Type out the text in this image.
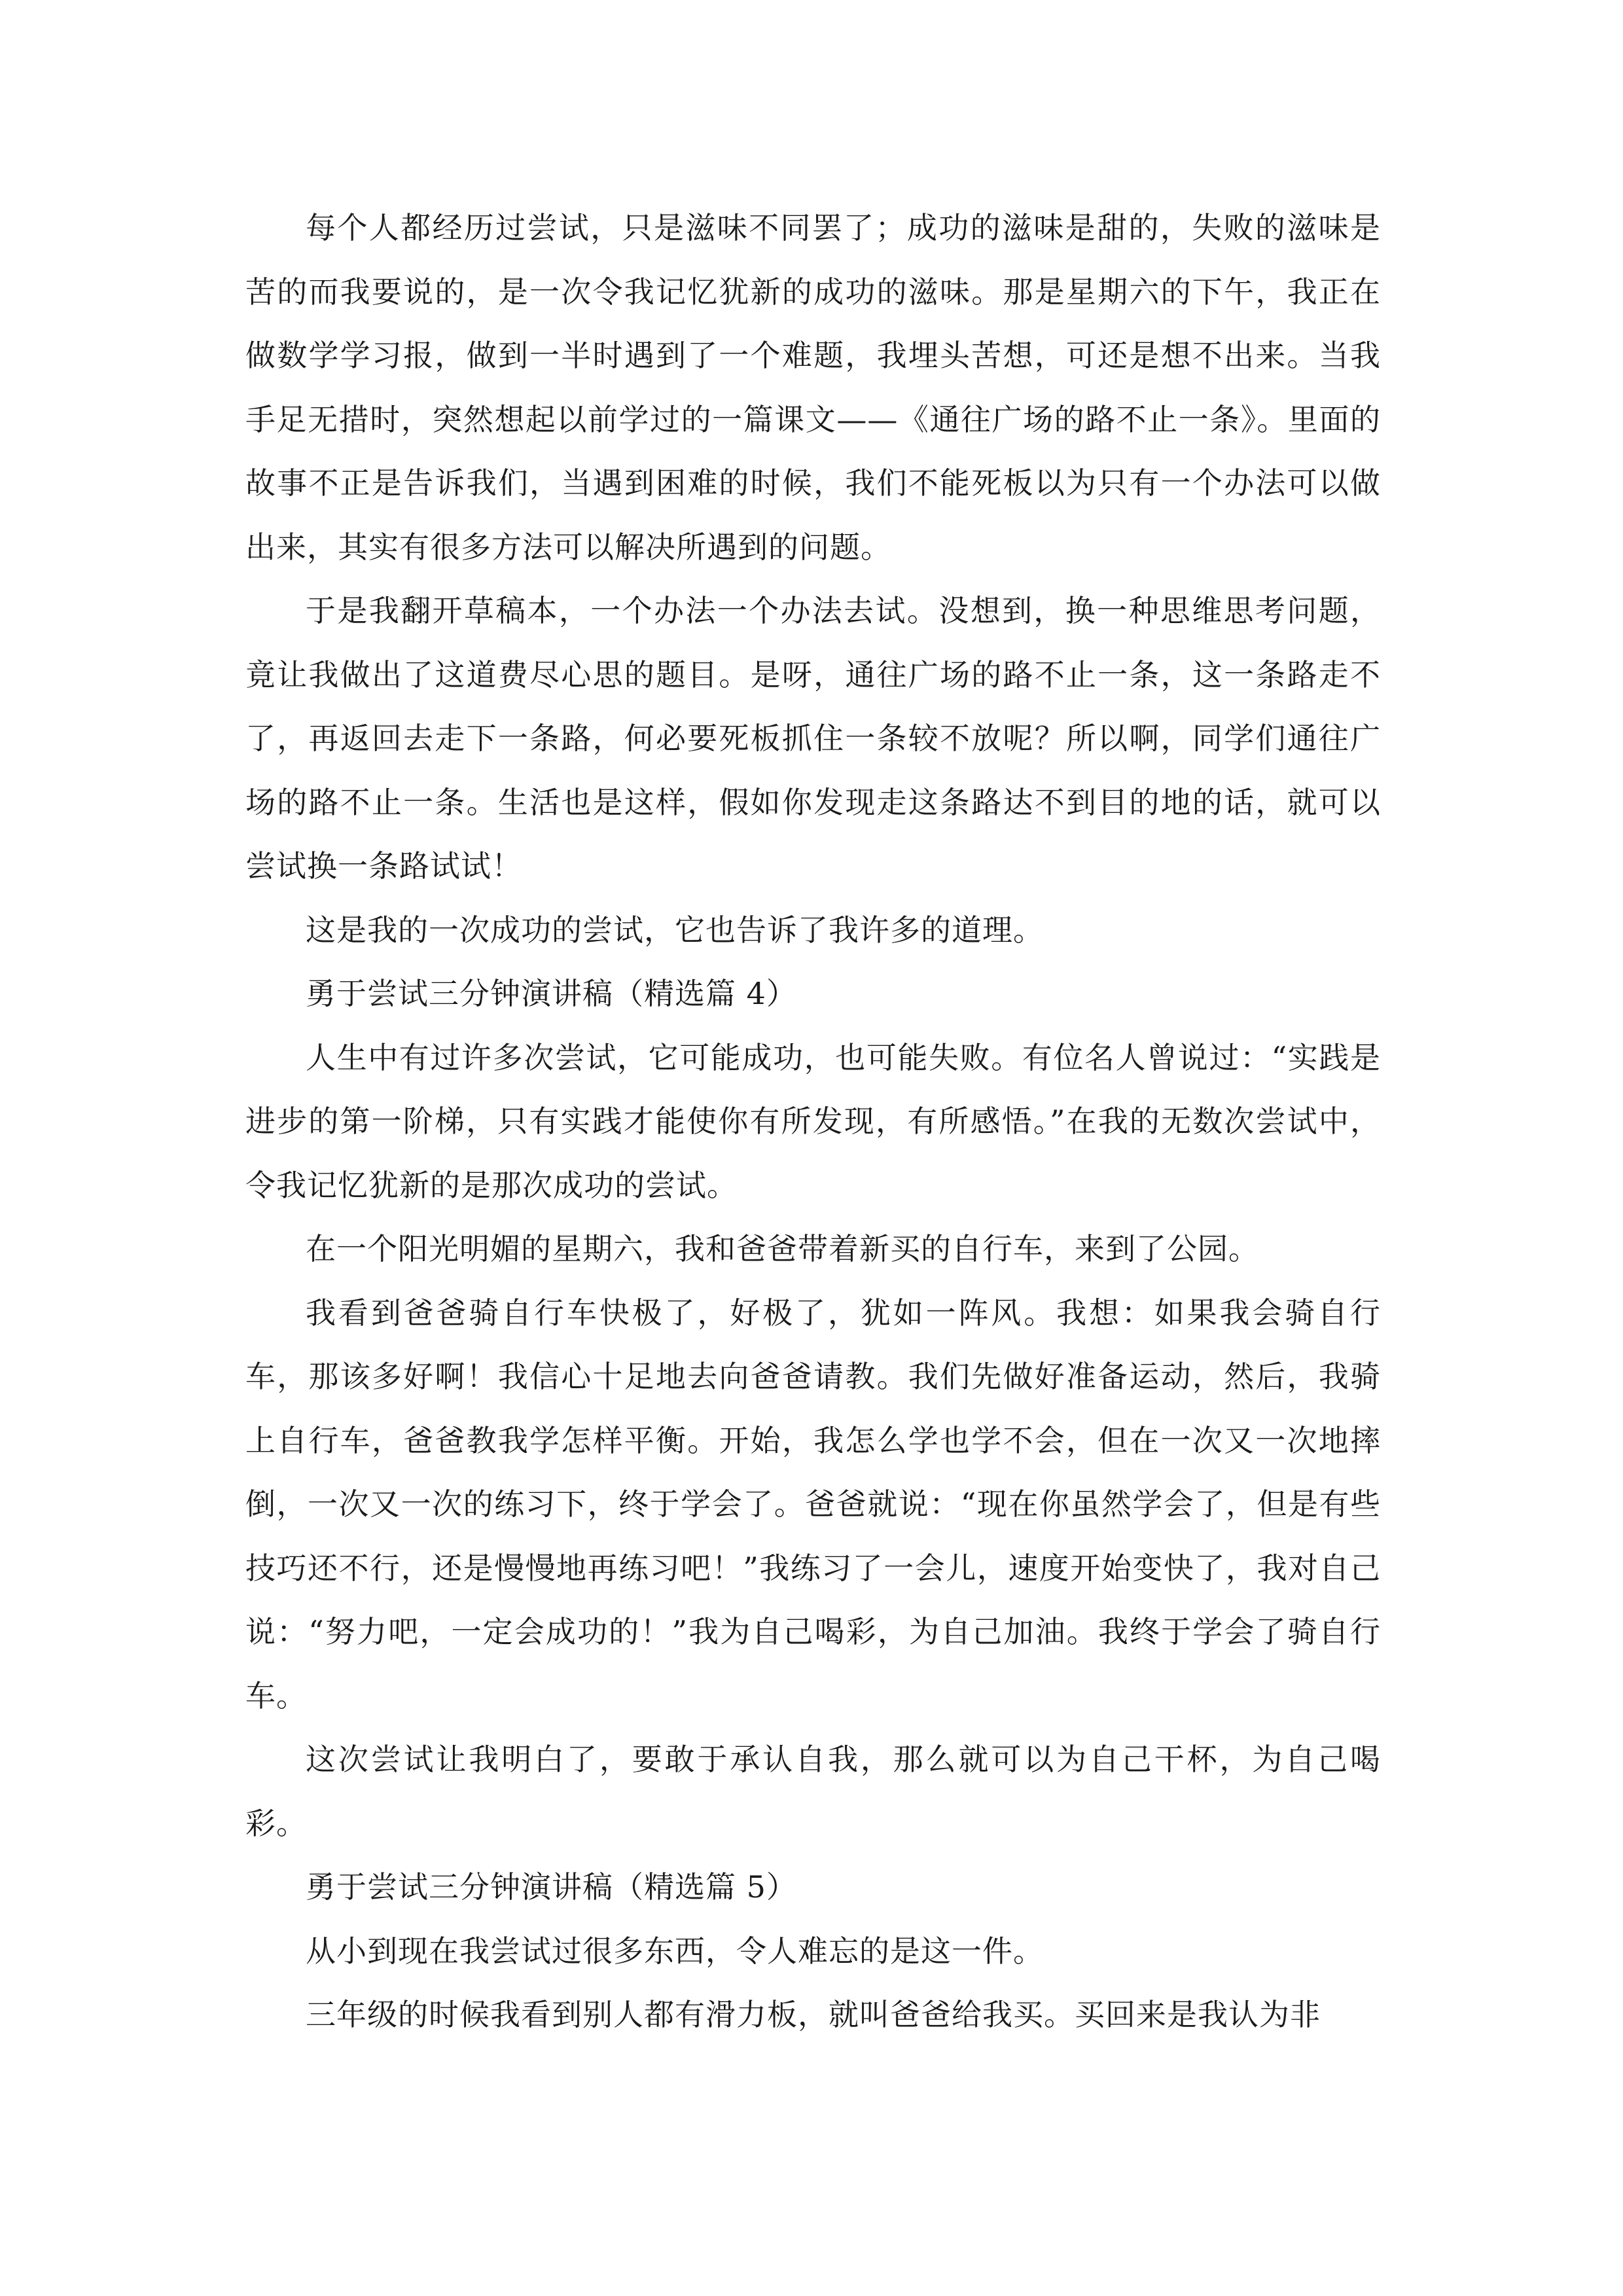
每个人都经历过尝试，只是滋味不同罢了；成功的滋味是甜的，失败的滋味是苦的而我要说的，是一次令我记忆犹新的成功的滋味。那是星期六的下午，我正在做数学学习报，做到一半时遇到了一个难题，我埋头苦想，可还是想不出来。当我手足无措时，突然想起以前学过的一篇课文——《通往广场的路不止一条》。里面的故事不正是告诉我们，当遇到困难的时候，我们不能死板以为只有一个办法可以做出来，其实有很多方法可以解决所遇到的问题。

于是我翻开草稿本，一个办法一个办法去试。没想到，换一种思维思考问题，竟让我做出了这道费尽心思的题目。是呀，通往广场的路不止一条，这一条路走不了，再返回去走下一条路，何必要死板抓住一条较不放呢？所以啊，同学们通往广场的路不止一条。生活也是这样，假如你发现走这条路达不到目的地的话，就可以尝试换一条路试试！

这是我的一次成功的尝试，它也告诉了我许多的道理。

勇于尝试三分钟演讲稿（精选篇 4）

人生中有过许多次尝试，它可能成功，也可能失败。有位名人曾说过：“实践是进步的第一阶梯，只有实践才能使你有所发现，有所感悟。”在我的无数次尝试中，令我记忆犹新的是那次成功的尝试。

在一个阳光明媚的星期六，我和爸爸带着新买的自行车，来到了公园。

我看到爸爸骑自行车快极了，好极了，犹如一阵风。我想：如果我会骑自行车，那该多好啊！我信心十足地去向爸爸请教。我们先做好准备运动，然后，我骑上自行车，爸爸教我学怎样平衡。开始，我怎么学也学不会，但在一次又一次地摔倒，一次又一次的练习下，终于学会了。爸爸就说：“现在你虽然学会了，但是有些技巧还不行，还是慢慢地再练习吧！”我练习了一会儿，速度开始变快了，我对自己说：“努力吧，一定会成功的！”我为自己喝彩，为自己加油。我终于学会了骑自行车。

这次尝试让我明白了，要敢于承认自我，那么就可以为自己干杯，为自己喝彩。

勇于尝试三分钟演讲稿（精选篇 5）

从小到现在我尝试过很多东西，令人难忘的是这一件。

三年级的时候我看到别人都有滑力板，就叫爸爸给我买。买回来是我认为非
